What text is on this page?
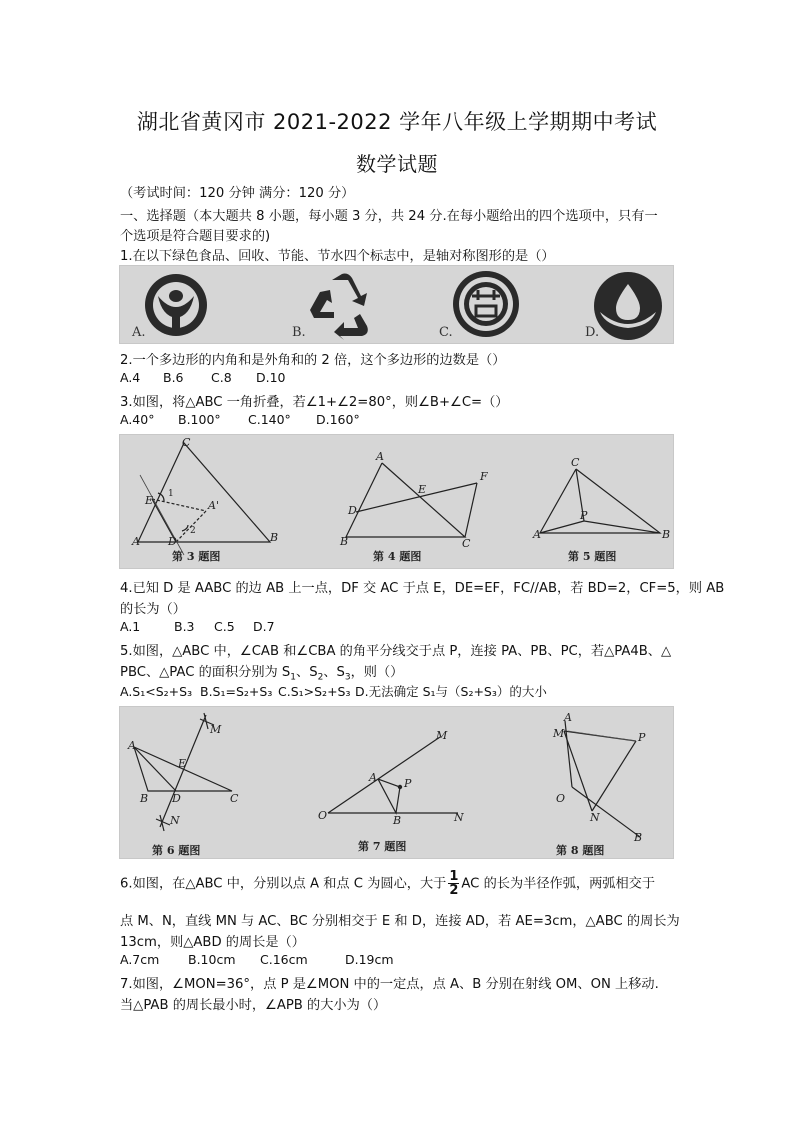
湖北省黄冈市 2021-2022 学年八年级上学期期中考试
数学试题
（考试时间：120 分钟 满分：120 分）
一、选择题（本大题共 8 小题，每小题 3 分，共 24 分.在每小题给出的四个选项中，只有一
个选项是符合题目要求的)
1.在以下绿色食品、回收、节能、节水四个标志中，是轴对称图形的是（）
A.	B.	C.	D.
2.一个多边形的内角和是外角和的 2 倍，这个多边形的边数是（）
A.4 B.6 C.8 D.10
3.如图，将△ABC 一角折叠，若∠1+∠2=80°，则∠B+∠C=（）
A.40° B.100° C.140° D.160°
C
E 1
A'
2
A	D	B
第 3 题图
A
E
F
D
B	C
第 4 题图
C
P
A	B
第 5 题图
4.已知 D 是 AABC 的边 AB 上一点，DF 交 AC 于点 E，DE=EF，FC//AB，若 BD=2，CF=5，则 AB
的长为（）
A.1	B.3 C.5 D.7
5.如图，△ABC 中，∠CAB 和∠CBA 的角平分线交于点 P，连接 PA、PB、PC，若△PA4B、△
PBC、△PAC 的面积分别为 $S_1$、$S_2$、$S_3$，则（）
A.S₁<S₂+S₃ B.S₁=S₂+S₃ C.S₁>S₂+S₃ D.无法确定 S₁与（S₂+S₃）的大小
M
A
E
B D	C
N
第 6 题图
M
A P
O	B	N
第 7 题图
A
M	P
O
N
B
第 8 题图
6.如图，在△ABC 中，分别以点 A 和点 C 为圆心，大于 $\frac{1}{2}$ AC 的长为半径作弧，两弧相交于
点 M、N，直线 MN 与 AC、BC 分别相交于 E 和 D，连接 AD，若 AE=3cm，△ABC 的周长为
13cm，则△ABD 的周长是（）
A.7cm B.10cm C.16cm	D.19cm
7.如图，∠MON=36°，点 P 是∠MON 中的一定点，点 A、B 分别在射线 OM、ON 上移动.
当△PAB 的周长最小时，∠APB 的大小为（）
